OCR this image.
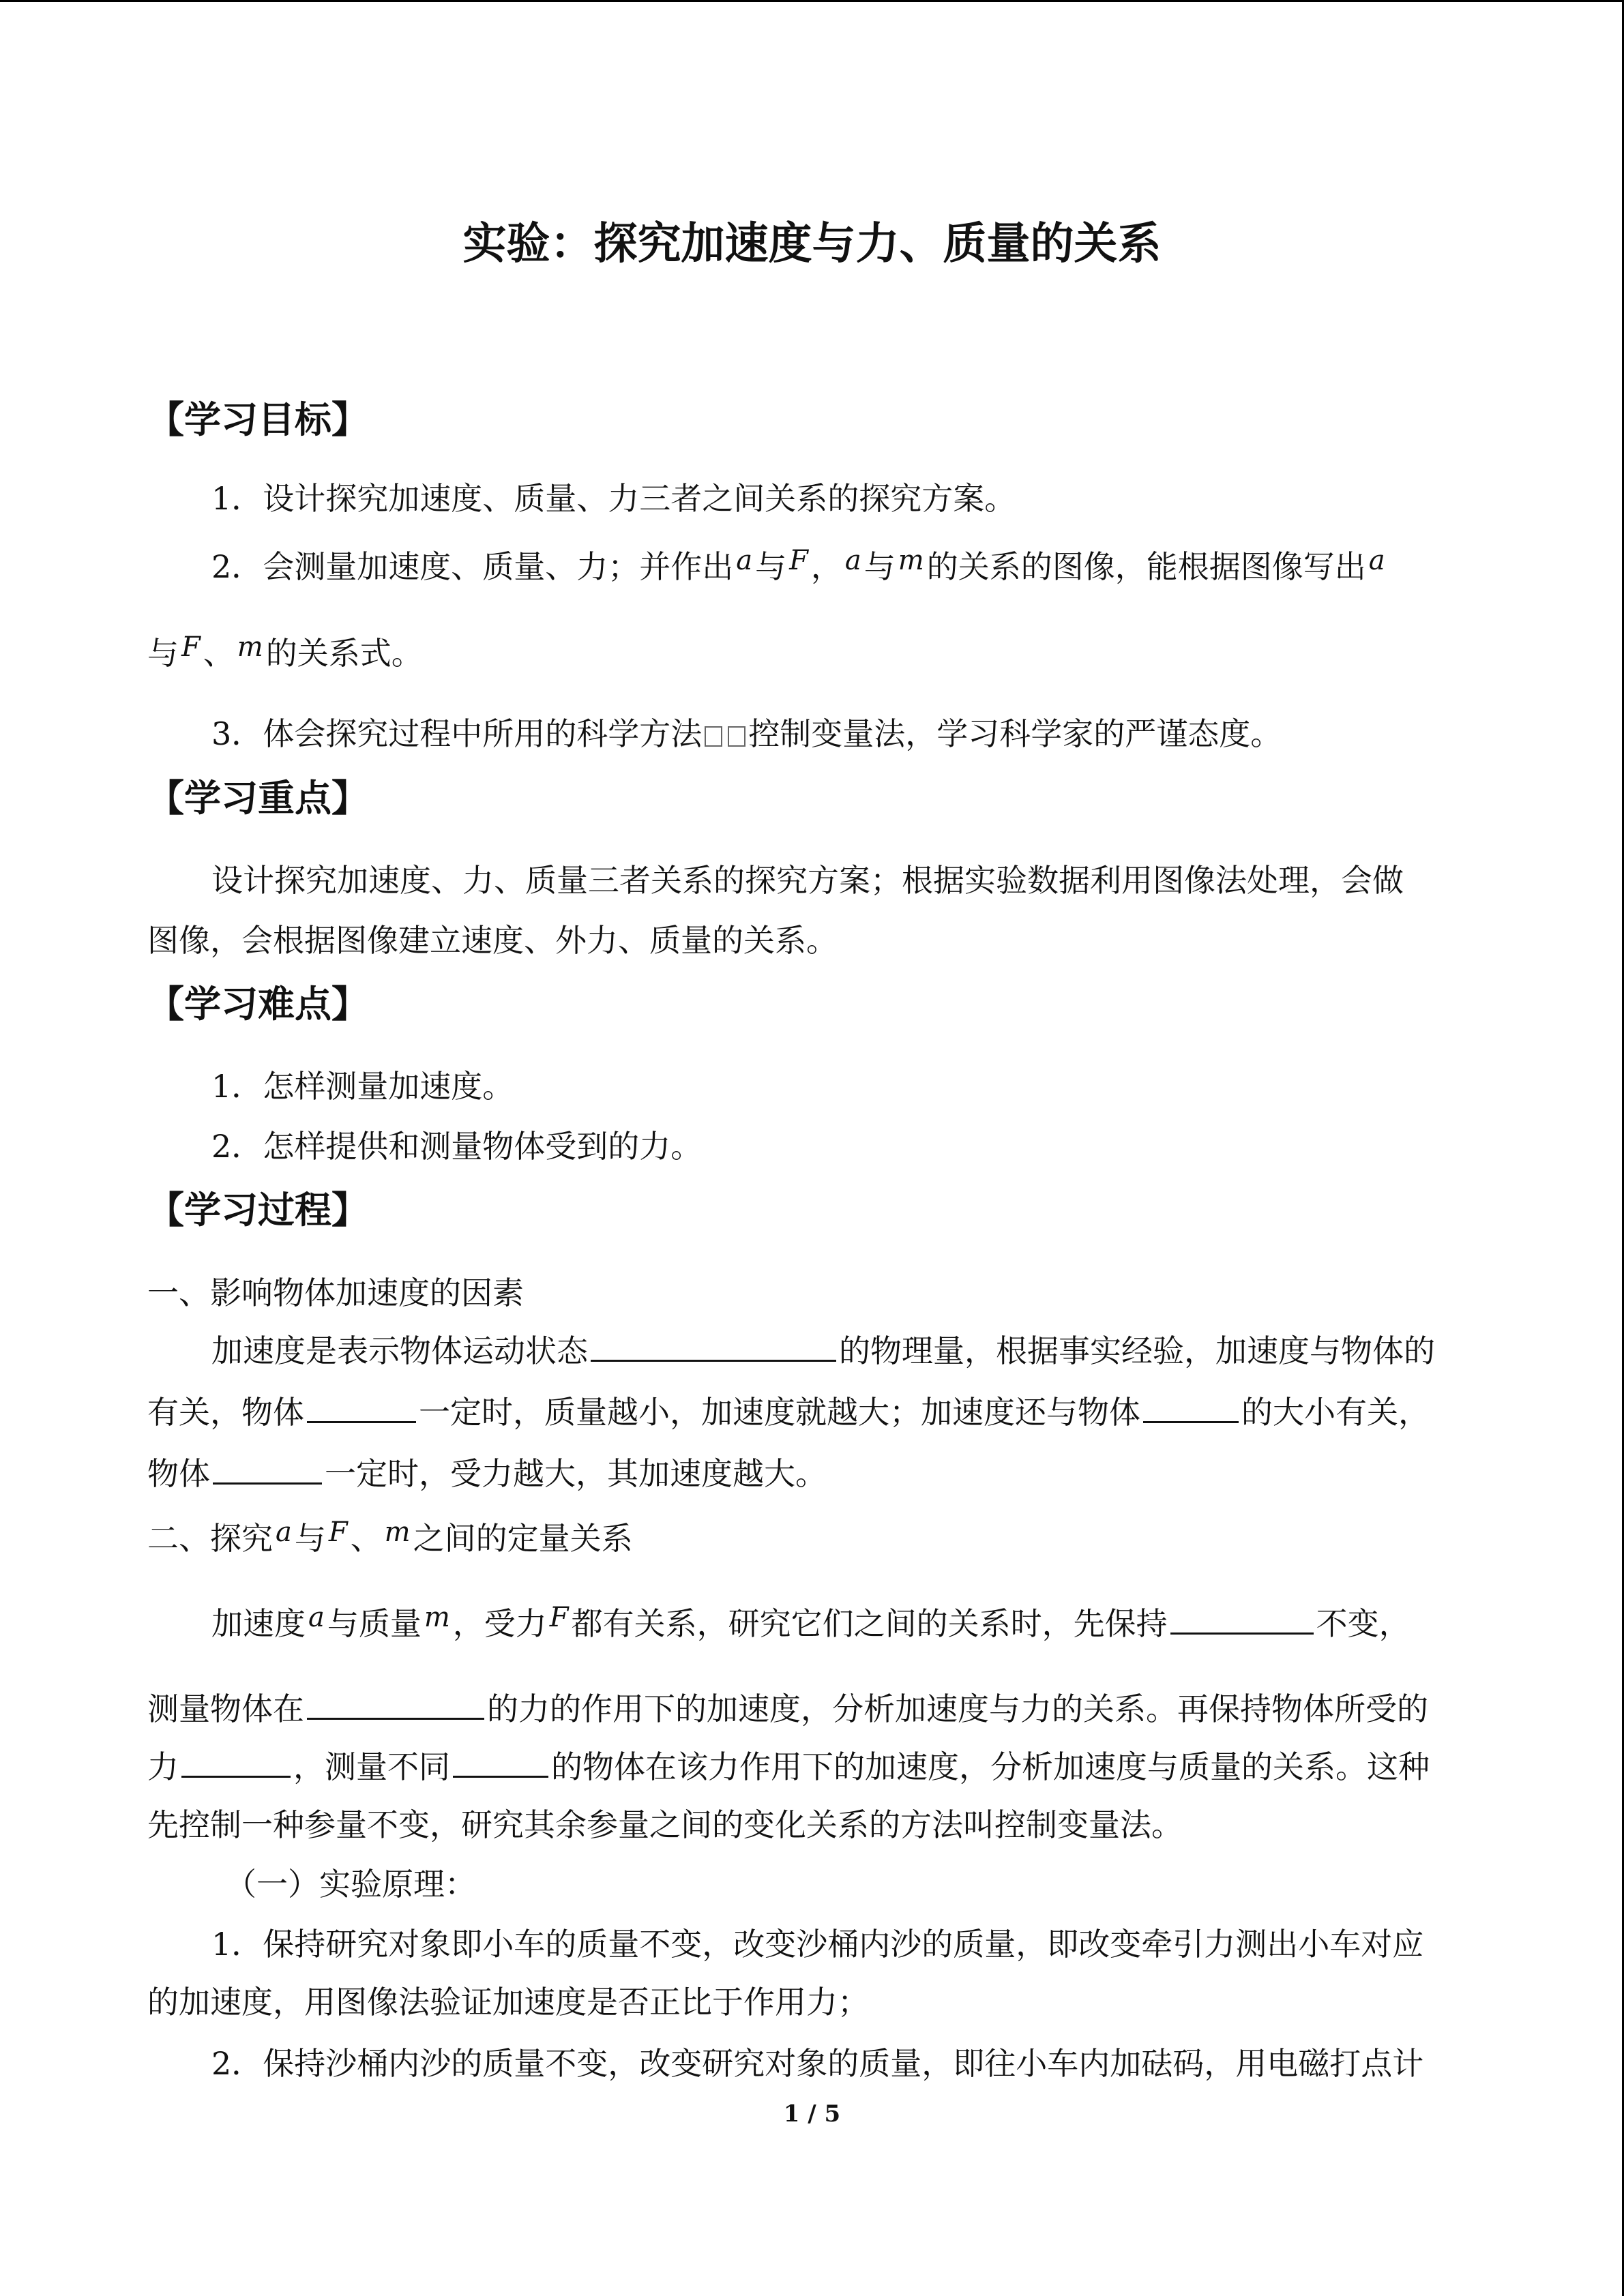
实验：探究加速度与力、质量的关系
【学习目标】
1．设计探究加速度、质量、力三者之间关系的探究方案。
2．会测量加速度、质量、力；并作出 a与 F， a与 m的关系的图像，能根据图像写出 a
与 F、 m的关系式。
3．体会探究过程中所用的科学方法 控制变量法，学习科学家的严谨态度。
【学习重点】
设计探究加速度、力、质量三者关系的探究方案；根据实验数据利用图像法处理，会做
图像，会根据图像建立速度、外力、质量的关系。
【学习难点】
1．怎样测量加速度。
2．怎样提供和测量物体受到的力。
【学习过程】
一、影响物体加速度的因素
加速度是表示物体运动状态	的物理量，根据事实经验，加速度与物体的
有关，物体	一定时，质量越小，加速度就越大；加速度还与物体	的大小有关，
物体	一定时，受力越大，其加速度越大。
二、探究 a与 F、 m之间的定量关系
加速度 a与质量 m，受力 F都有关系，研究它们之间的关系时，先保持	不变，
测量物体在	的力的作用下的加速度，分析加速度与力的关系。再保持物体所受的
力	，测量不同	的物体在该力作用下的加速度，分析加速度与质量的关系。这种
先控制一种参量不变，研究其余参量之间的变化关系的方法叫控制变量法。
（一）实验原理：
1．保持研究对象即小车的质量不变，改变沙桶内沙的质量，即改变牵引力测出小车对应
的加速度，用图像法验证加速度是否正比于作用力；
2．保持沙桶内沙的质量不变，改变研究对象的质量，即往小车内加砝码，用电磁打点计
1 / 5
